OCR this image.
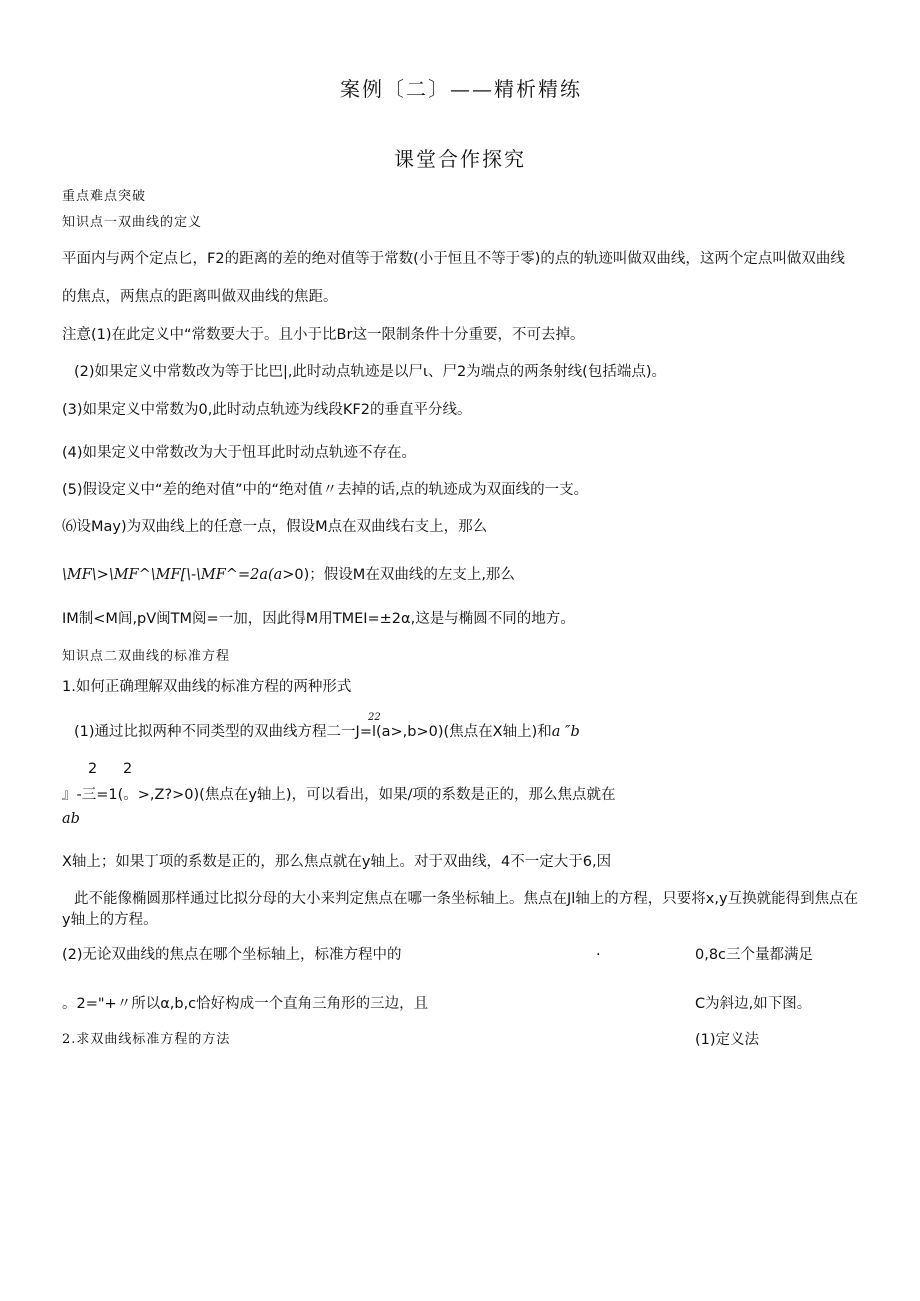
案例〔二〕——精析精练
课堂合作探究
重点难点突破
知识点一双曲线的定义
平面内与两个定点匕，F2的距离的差的绝对值等于常数(小于恒且不等于零)的点的轨迹叫做双曲线，这两个定点叫做双曲线
的焦点，两焦点的距离叫做双曲线的焦距。
注意(1)在此定义中“常数要大于。且小于比Br这一限制条件十分重要，不可去掉。
(2)如果定义中常数改为等于比巴|,此时动点轨迹是以尸ι、尸2为端点的两条射线(包括端点)。
(3)如果定义中常数为0,此时动点轨迹为线段KF2的垂直平分线。
(4)如果定义中常数改为大于忸耳此时动点轨迹不存在。
(5)假设定义中“差的绝对值”中的“绝对值〃去掉的话,点的轨迹成为双面线的一支。
⑹设May)为双曲线上的任意一点，假设M点在双曲线右支上，那么
\MF\>\MF^\MF[\-\MF^=2a(a>0)；假设M在双曲线的左支上,那么
IM制<M闾,pV闽TM阅=一加，因此得M用TMEI=±2α,这是与椭圆不同的地方。
知识点二双曲线的标准方程
1.如何正确理解双曲线的标准方程的两种形式
22
(1)通过比拟两种不同类型的双曲线方程二一J=l(a>,b>0)(焦点在X轴上)和a ″b
2 2
』-三=1(。>,Z?>0)(焦点在y轴上)，可以看出，如果/项的系数是正的，那么焦点就在
ab
X轴上；如果丁项的系数是正的，那么焦点就在y轴上。对于双曲线，4不一定大于6,因
此不能像椭圆那样通过比拟分母的大小来判定焦点在哪一条坐标轴上。焦点在Jl轴上的方程，只要将x,y互换就能得到焦点在y轴上的方程。
(2)无论双曲线的焦点在哪个坐标轴上，标准方程中的	·	0,8c三个量都满足
。2="+〃所以α,b,c恰好构成一个直角三角形的三边，且	C为斜边,如下图。
2.求双曲线标准方程的方法	(1)定义法
